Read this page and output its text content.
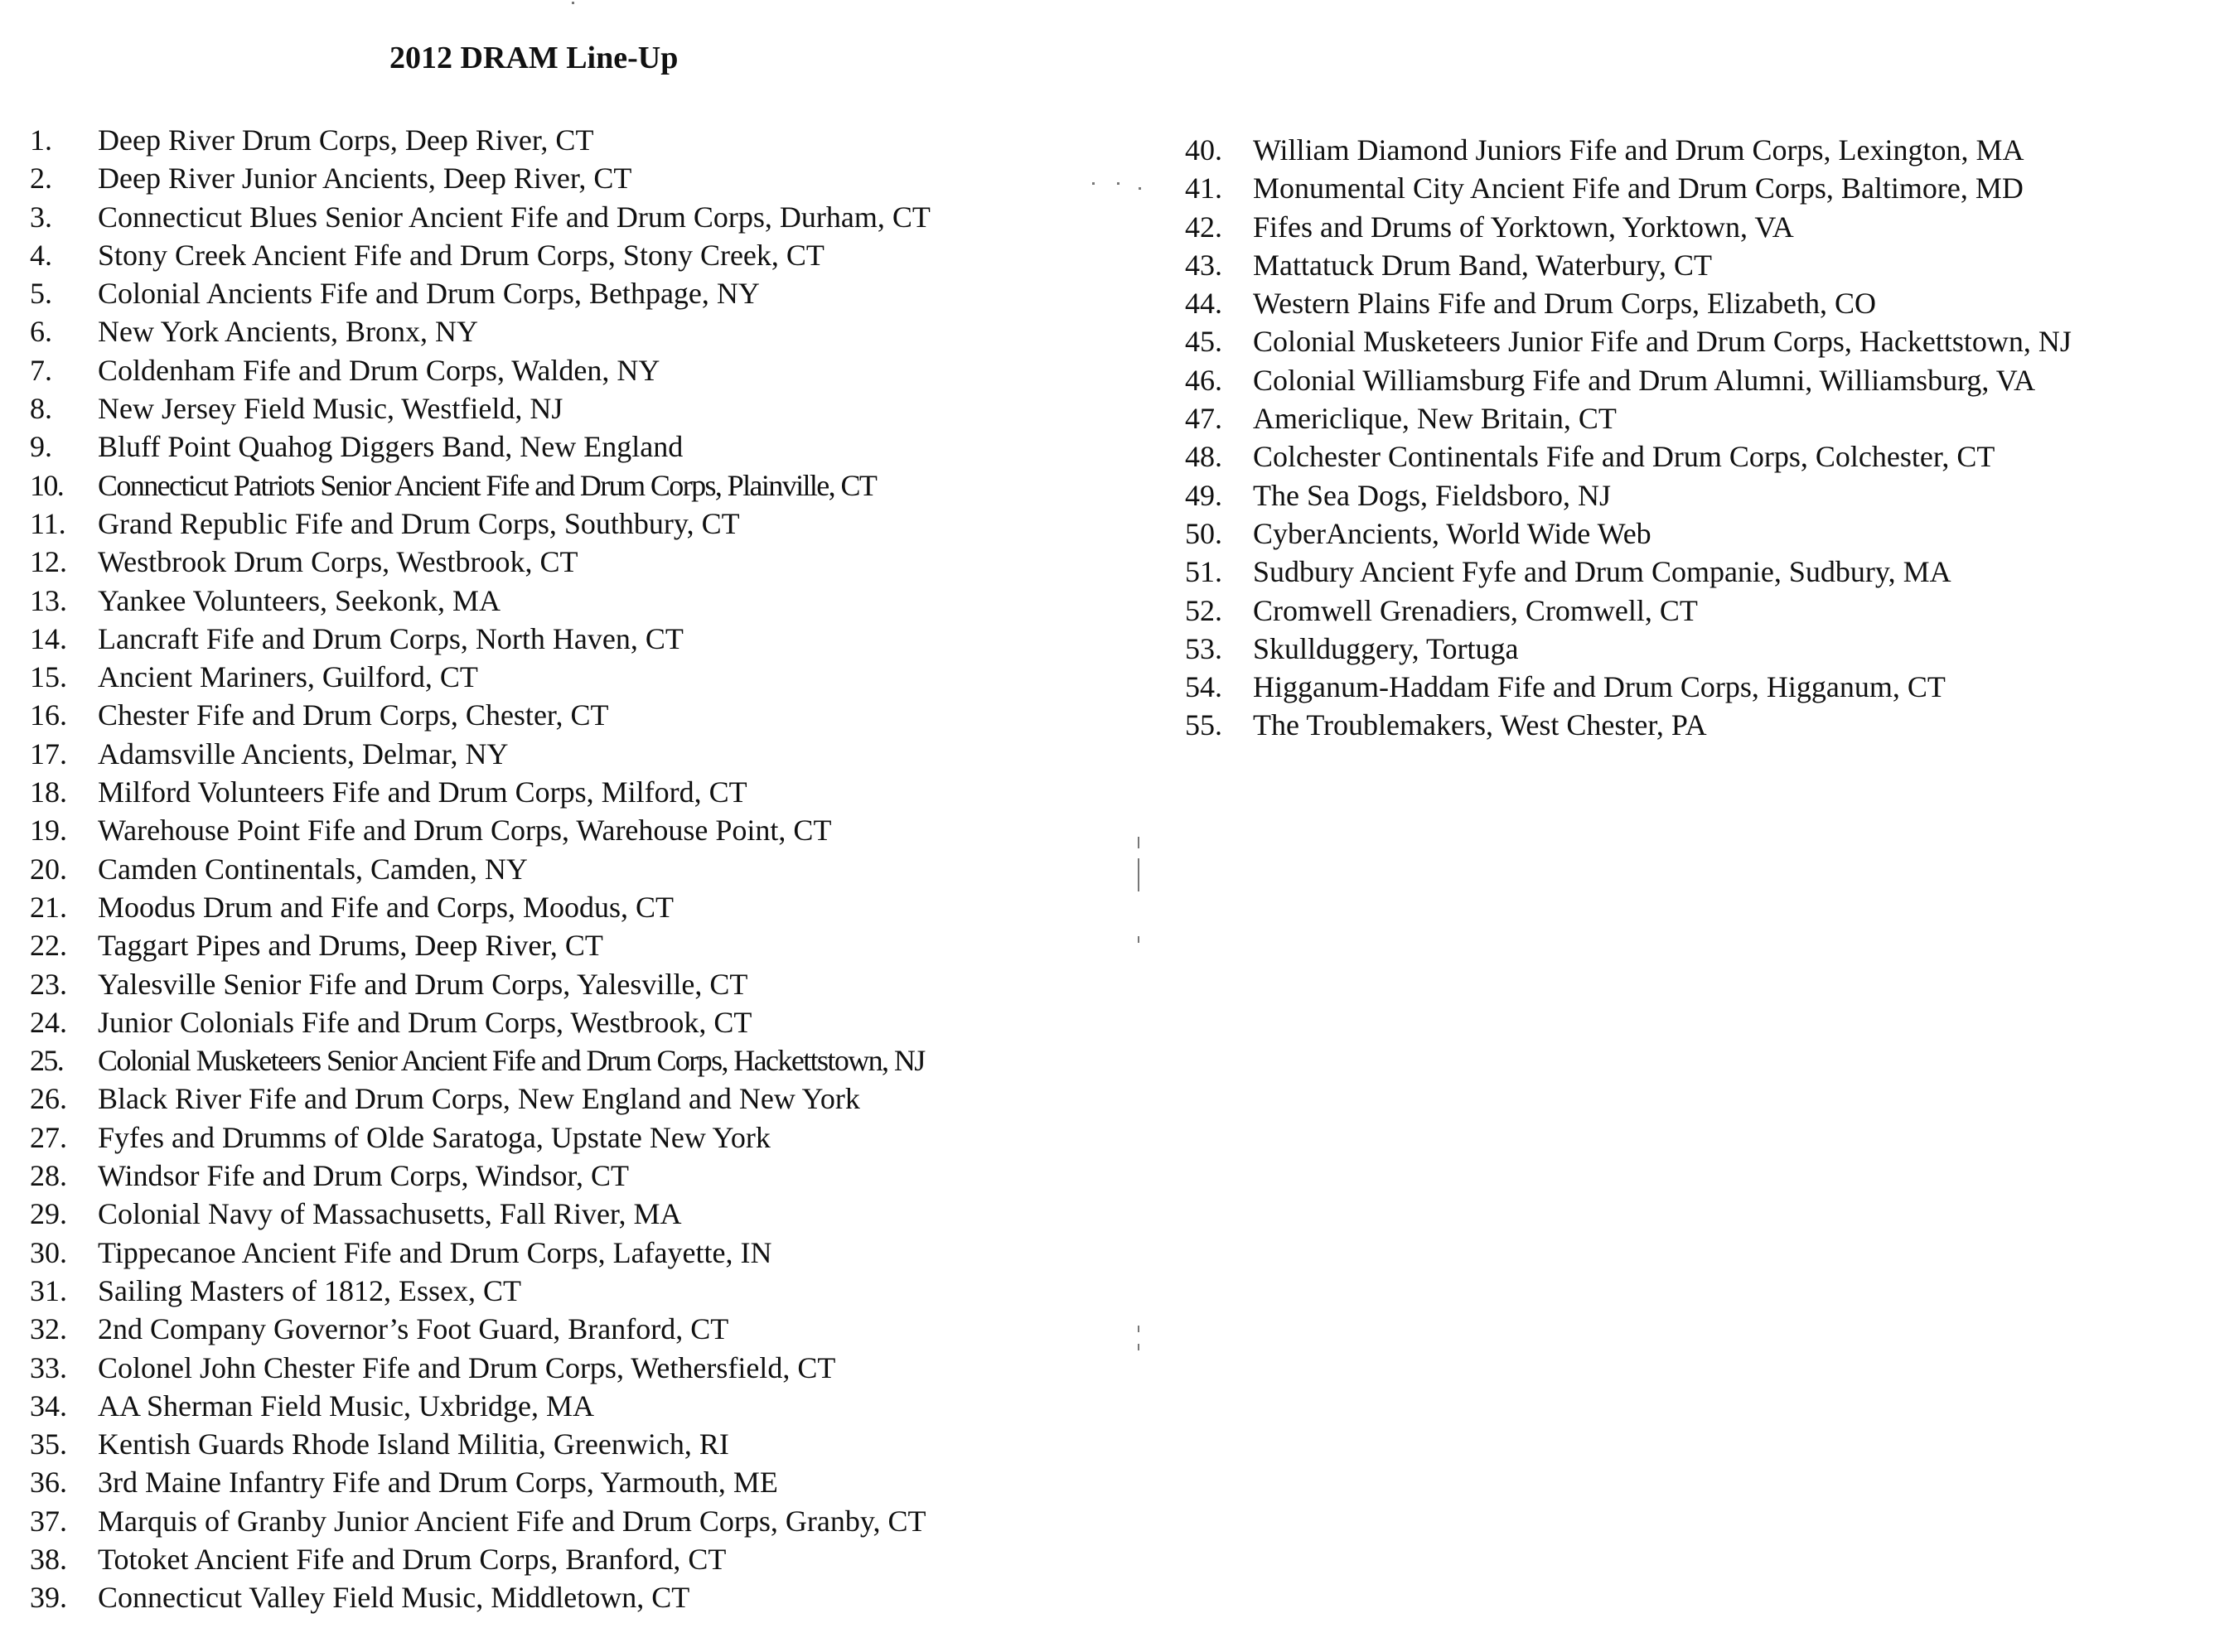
2012 DRAM Line-Up
1. Deep River Drum Corps, Deep River, CT
2. Deep River Junior Ancients, Deep River, CT
3. Connecticut Blues Senior Ancient Fife and Drum Corps, Durham, CT
4. Stony Creek Ancient Fife and Drum Corps, Stony Creek, CT
5. Colonial Ancients Fife and Drum Corps, Bethpage, NY
6. New York Ancients, Bronx, NY
7. Coldenham Fife and Drum Corps, Walden, NY
8. New Jersey Field Music, Westfield, NJ
9. Bluff Point Quahog Diggers Band, New England
10. Connecticut Patriots Senior Ancient Fife and Drum Corps, Plainville, CT
11. Grand Republic Fife and Drum Corps, Southbury, CT
12. Westbrook Drum Corps, Westbrook, CT
13. Yankee Volunteers, Seekonk, MA
14. Lancraft Fife and Drum Corps, North Haven, CT
15. Ancient Mariners, Guilford, CT
16. Chester Fife and Drum Corps, Chester, CT
17. Adamsville Ancients, Delmar, NY
18. Milford Volunteers Fife and Drum Corps, Milford, CT
19. Warehouse Point Fife and Drum Corps, Warehouse Point, CT
20. Camden Continentals, Camden, NY
21. Moodus Drum and Fife and Corps, Moodus, CT
22. Taggart Pipes and Drums, Deep River, CT
23. Yalesville Senior Fife and Drum Corps, Yalesville, CT
24. Junior Colonials Fife and Drum Corps, Westbrook, CT
25. Colonial Musketeers Senior Ancient Fife and Drum Corps, Hackettstown, NJ
26. Black River Fife and Drum Corps, New England and New York
27. Fyfes and Drumms of Olde Saratoga, Upstate New York
28. Windsor Fife and Drum Corps, Windsor, CT
29. Colonial Navy of Massachusetts, Fall River, MA
30. Tippecanoe Ancient Fife and Drum Corps, Lafayette, IN
31. Sailing Masters of 1812, Essex, CT
32. 2nd Company Governor’s Foot Guard, Branford, CT
33. Colonel John Chester Fife and Drum Corps, Wethersfield, CT
34. AA Sherman Field Music, Uxbridge, MA
35. Kentish Guards Rhode Island Militia, Greenwich, RI
36. 3rd Maine Infantry Fife and Drum Corps, Yarmouth, ME
37. Marquis of Granby Junior Ancient Fife and Drum Corps, Granby, CT
38. Totoket Ancient Fife and Drum Corps, Branford, CT
39. Connecticut Valley Field Music, Middletown, CT
40. William Diamond Juniors Fife and Drum Corps, Lexington, MA
41. Monumental City Ancient Fife and Drum Corps, Baltimore, MD
42. Fifes and Drums of Yorktown, Yorktown, VA
43. Mattatuck Drum Band, Waterbury, CT
44. Western Plains Fife and Drum Corps, Elizabeth, CO
45. Colonial Musketeers Junior Fife and Drum Corps, Hackettstown, NJ
46. Colonial Williamsburg Fife and Drum Alumni, Williamsburg, VA
47. Americlique, New Britain, CT
48. Colchester Continentals Fife and Drum Corps, Colchester, CT
49. The Sea Dogs, Fieldsboro, NJ
50. CyberAncients, World Wide Web
51. Sudbury Ancient Fyfe and Drum Companie, Sudbury, MA
52. Cromwell Grenadiers, Cromwell, CT
53. Skullduggery, Tortuga
54. Higganum-Haddam Fife and Drum Corps, Higganum, CT
55. The Troublemakers, West Chester, PA
